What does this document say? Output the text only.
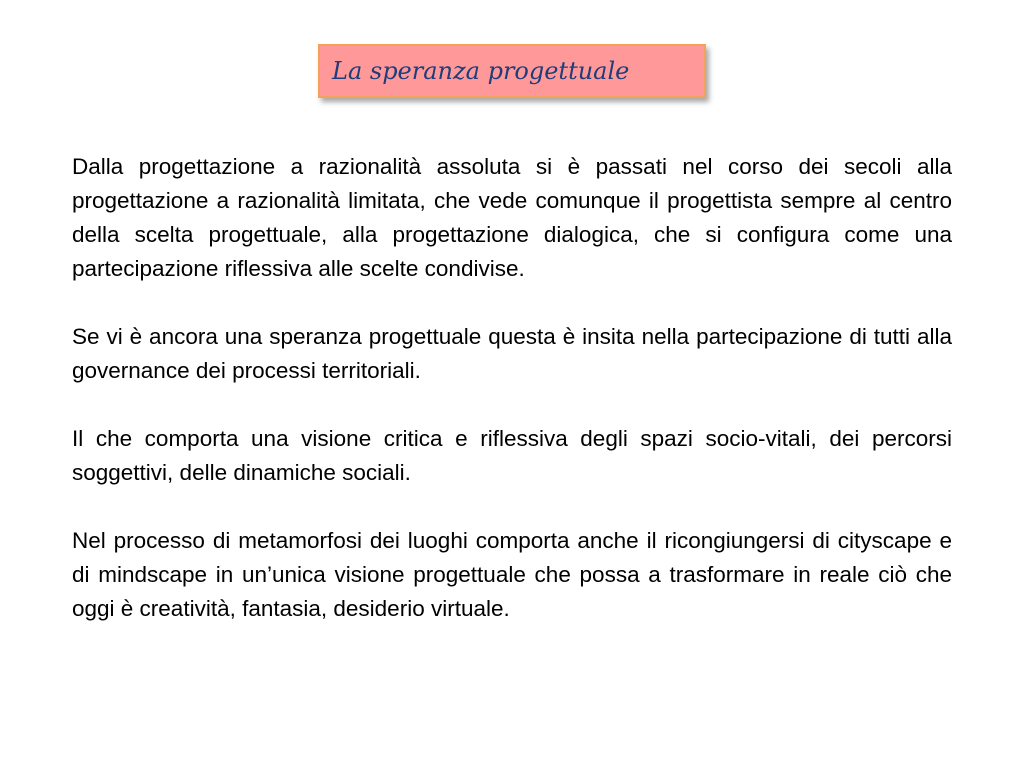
La speranza progettuale

Dalla progettazione a razionalità assoluta si è passati nel corso dei secoli alla progettazione a razionalità limitata, che vede comunque il progettista sempre al centro della scelta progettuale, alla progettazione dialogica, che si configura come una partecipazione riflessiva alle scelte condivise.

Se vi è ancora una speranza progettuale questa è insita nella partecipazione di tutti alla governance dei processi territoriali.

Il che comporta una visione critica e riflessiva degli spazi socio-vitali, dei percorsi soggettivi, delle dinamiche sociali.

Nel processo di metamorfosi dei luoghi comporta anche il ricongiungersi di cityscape e di mindscape in un’unica visione progettuale che possa a trasformare in reale ciò che oggi è creatività, fantasia, desiderio virtuale.
